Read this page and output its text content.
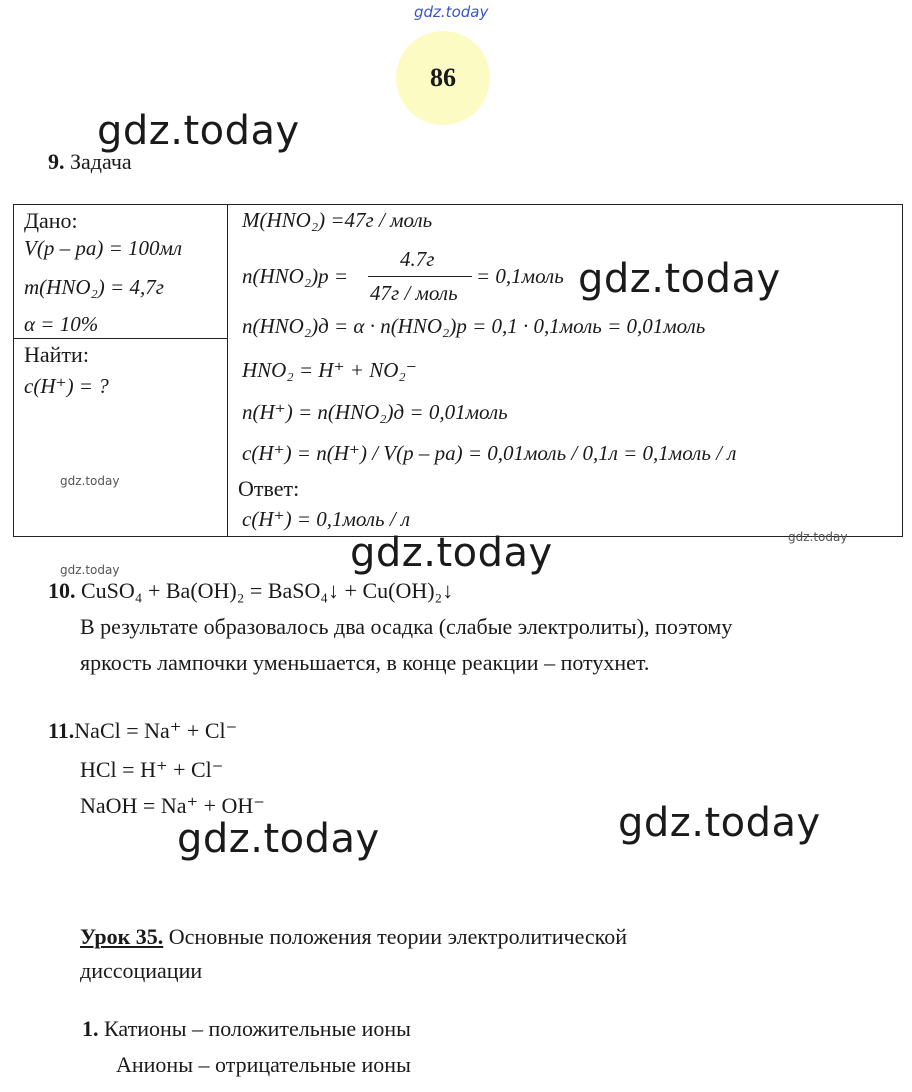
gdz.today
86
gdz.today
9. Задача
Дано:
V(p – pa) = 100мл
m(HNO₂) = 4,7г
α = 10%
Найти:
c(H⁺) = ?
gdz.today
M(HNO₂) =47г / моль
n(HNO₂)p =
4.7г
47г / моль
= 0,1моль gdz.today
n(HNO₂)д = α · n(HNO₂)p = 0,1 · 0,1моль = 0,01моль
HNO₂ = H⁺ + NO₂⁻
n(H⁺) = n(HNO₂)д = 0,01моль
c(H⁺) = n(H⁺) / V(p – pa) = 0,01моль / 0,1л = 0,1моль / л
Ответ:
c(H⁺) = 0,1моль / л
gdz.today
gdz.today
gdz.today
10. CuSO₄ + Ba(OH)₂ = BaSO₄↓ + Cu(OH)₂↓
В результате образовалось два осадка (слабые электролиты), поэтому
яркость лампочки уменьшается, в конце реакции – потухнет.
11.NaCl = Na⁺ + Cl⁻
HCl = H⁺ + Cl⁻
NaOH = Na⁺ + OH⁻
gdz.today	gdz.today
Урок 35. Основные положения теории электролитической
диссоциации
1. Катионы – положительные ионы
Анионы – отрицательные ионы
